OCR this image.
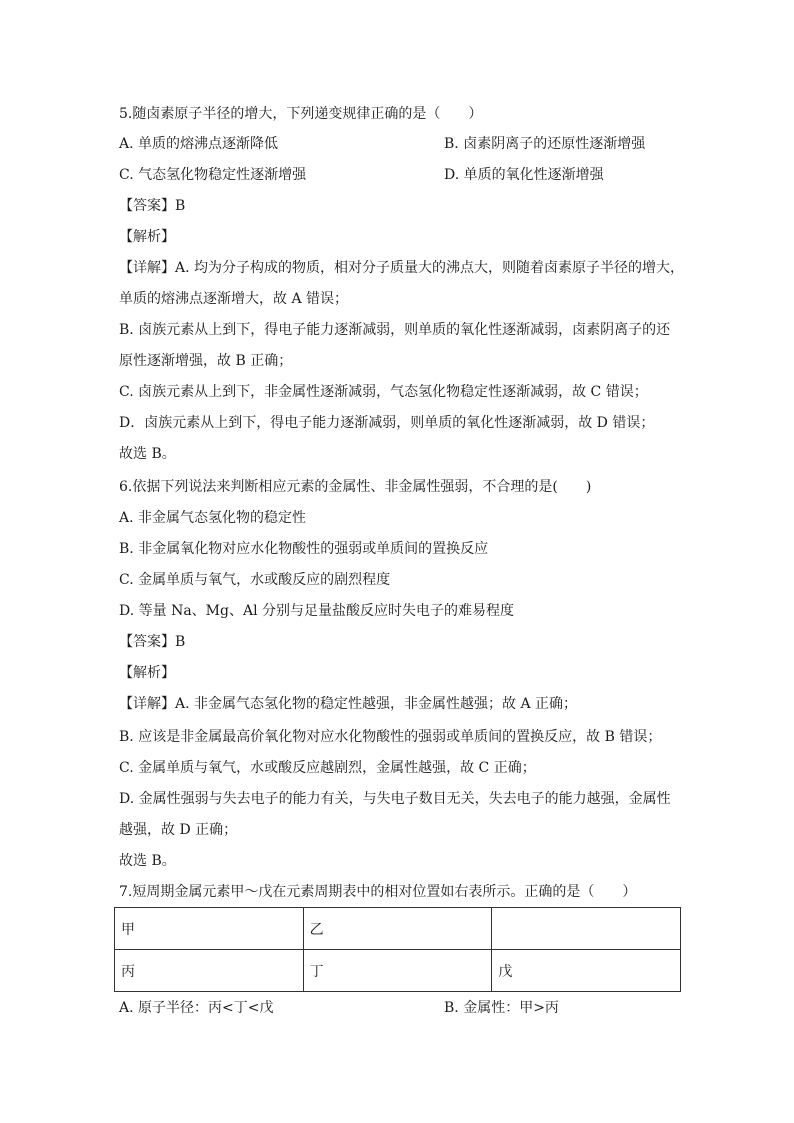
5.随卤素原子半径的增大，下列递变规律正确的是（　　）
A. 单质的熔沸点逐渐降低	B. 卤素阴离子的还原性逐渐增强
C. 气态氢化物稳定性逐渐增强	D. 单质的氧化性逐渐增强
【答案】B
【解析】
【详解】A. 均为分子构成的物质，相对分子质量大的沸点大，则随着卤素原子半径的增大，
单质的熔沸点逐渐增大，故 A 错误；
B. 卤族元素从上到下，得电子能力逐渐减弱，则单质的氧化性逐渐减弱，卤素阴离子的还
原性逐渐增强，故 B 正确；
C. 卤族元素从上到下，非金属性逐渐减弱，气态氢化物稳定性逐渐减弱，故 C 错误；
D．卤族元素从上到下，得电子能力逐渐减弱，则单质的氧化性逐渐减弱，故 D 错误；
故选 B。
6.依据下列说法来判断相应元素的金属性、非金属性强弱，不合理的是(　　)
A. 非金属气态氢化物的稳定性
B. 非金属氧化物对应水化物酸性的强弱或单质间的置换反应
C. 金属单质与氧气，水或酸反应的剧烈程度
D. 等量 Na、Mg、Al 分别与足量盐酸反应时失电子的难易程度
【答案】B
【解析】
【详解】A. 非金属气态氢化物的稳定性越强，非金属性越强；故 A 正确；
B. 应该是非金属最高价氧化物对应水化物酸性的强弱或单质间的置换反应，故 B 错误；
C. 金属单质与氧气，水或酸反应越剧烈，金属性越强，故 C 正确；
D. 金属性强弱与失去电子的能力有关，与失电子数目无关，失去电子的能力越强，金属性
越强，故 D 正确；
故选 B。
7.短周期金属元素甲～戊在元素周期表中的相对位置如右表所示。正确的是（　　）
甲	乙	
丙	丁	戊
A. 原子半径：丙<丁<戊	B. 金属性：甲>丙
